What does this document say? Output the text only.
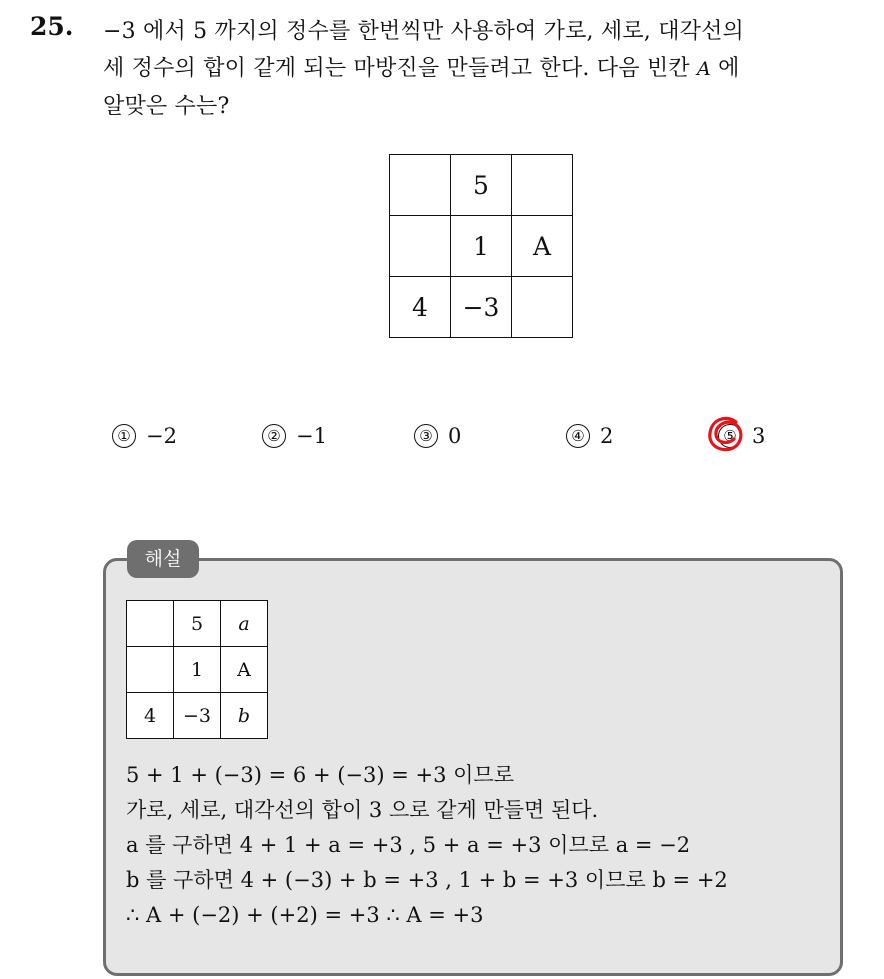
25. −3 에서 5 까지의 정수를 한번씩만 사용하여 가로, 세로, 대각선의
세 정수의 합이 같게 되는 마방진을 만들려고 한다. 다음 빈칸 A 에
알맞은 수는?
	5	
	1	A
4	−3	
① −2	② −1	③ 0	④ 2	⑤ 3
해설
	5	a
	1	A
4	−3	b
5 + 1 + (−3) = 6 + (−3) = +3 이므로
가로, 세로, 대각선의 합이 3 으로 같게 만들면 된다.
a 를 구하면 4 + 1 + a = +3 , 5 + a = +3 이므로 a = −2
b 를 구하면 4 + (−3) + b = +3 , 1 + b = +3 이므로 b = +2
∴ A + (−2) + (+2) = +3 ∴ A = +3
